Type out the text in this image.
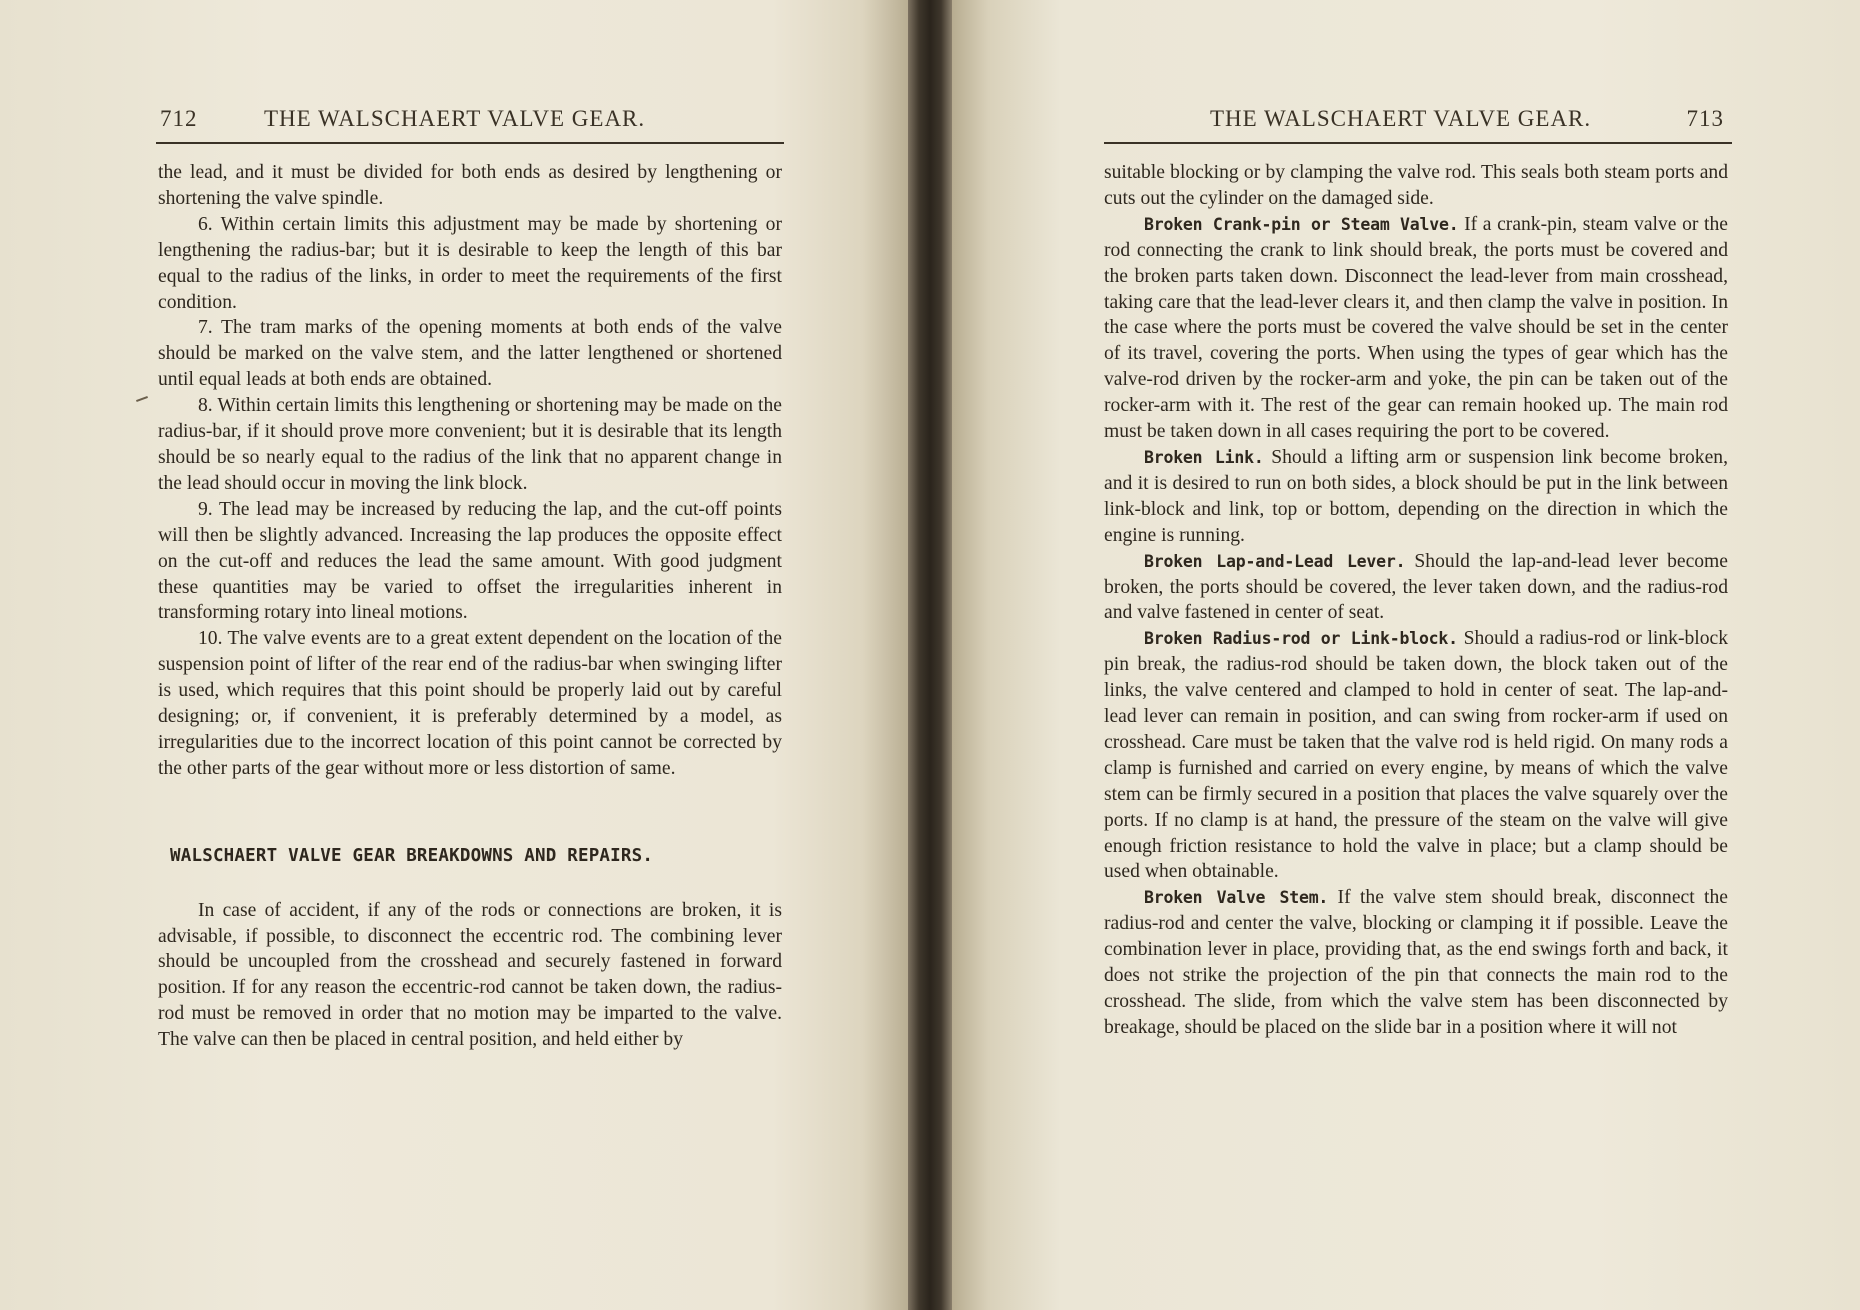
712	THE WALSCHAERT VALVE GEAR.

the lead, and it must be divided for both ends as desired by lengthening or shortening the valve spindle.

6. Within certain limits this adjustment may be made by shortening or lengthening the radius-bar; but it is desirable to keep the length of this bar equal to the radius of the links, in order to meet the requirements of the first condition.

7. The tram marks of the opening moments at both ends of the valve should be marked on the valve stem, and the latter lengthened or shortened until equal leads at both ends are obtained.

8. Within certain limits this lengthening or shortening may be made on the radius-bar, if it should prove more convenient; but it is desirable that its length should be so nearly equal to the radius of the link that no apparent change in the lead should occur in moving the link block.

9. The lead may be increased by reducing the lap, and the cut-off points will then be slightly advanced. Increasing the lap produces the opposite effect on the cut-off and reduces the lead the same amount. With good judgment these quantities may be varied to offset the irregularities inherent in transforming rotary into lineal motions.

10. The valve events are to a great extent dependent on the location of the suspension point of lifter of the rear end of the radius-bar when swinging lifter is used, which requires that this point should be properly laid out by careful designing; or, if convenient, it is preferably determined by a model, as irregularities due to the incorrect location of this point cannot be corrected by the other parts of the gear without more or less distortion of same.

WALSCHAERT VALVE GEAR BREAKDOWNS AND REPAIRS.

In case of accident, if any of the rods or connections are broken, it is advisable, if possible, to disconnect the eccentric rod. The combining lever should be uncoupled from the crosshead and securely fastened in forward position. If for any reason the eccentric-rod cannot be taken down, the radius-rod must be removed in order that no motion may be imparted to the valve. The valve can then be placed in central position, and held either by

THE WALSCHAERT VALVE GEAR.	713

suitable blocking or by clamping the valve rod. This seals both steam ports and cuts out the cylinder on the damaged side.

Broken Crank-pin or Steam Valve. If a crank-pin, steam valve or the rod connecting the crank to link should break, the ports must be covered and the broken parts taken down. Disconnect the lead-lever from main crosshead, taking care that the lead-lever clears it, and then clamp the valve in position. In the case where the ports must be covered the valve should be set in the center of its travel, covering the ports. When using the types of gear which has the valve-rod driven by the rocker-arm and yoke, the pin can be taken out of the rocker-arm with it. The rest of the gear can remain hooked up. The main rod must be taken down in all cases requiring the port to be covered.

Broken Link. Should a lifting arm or suspension link become broken, and it is desired to run on both sides, a block should be put in the link between link-block and link, top or bottom, depending on the direction in which the engine is running.

Broken Lap-and-Lead Lever. Should the lap-and-lead lever become broken, the ports should be covered, the lever taken down, and the radius-rod and valve fastened in center of seat.

Broken Radius-rod or Link-block. Should a radius-rod or link-block pin break, the radius-rod should be taken down, the block taken out of the links, the valve centered and clamped to hold in center of seat. The lap-and-lead lever can remain in position, and can swing from rocker-arm if used on crosshead. Care must be taken that the valve rod is held rigid. On many rods a clamp is furnished and carried on every engine, by means of which the valve stem can be firmly secured in a position that places the valve squarely over the ports. If no clamp is at hand, the pressure of the steam on the valve will give enough friction resistance to hold the valve in place; but a clamp should be used when obtainable.

Broken Valve Stem. If the valve stem should break, disconnect the radius-rod and center the valve, blocking or clamping it if possible. Leave the combination lever in place, providing that, as the end swings forth and back, it does not strike the projection of the pin that connects the main rod to the crosshead. The slide, from which the valve stem has been disconnected by breakage, should be placed on the slide bar in a position where it will not
